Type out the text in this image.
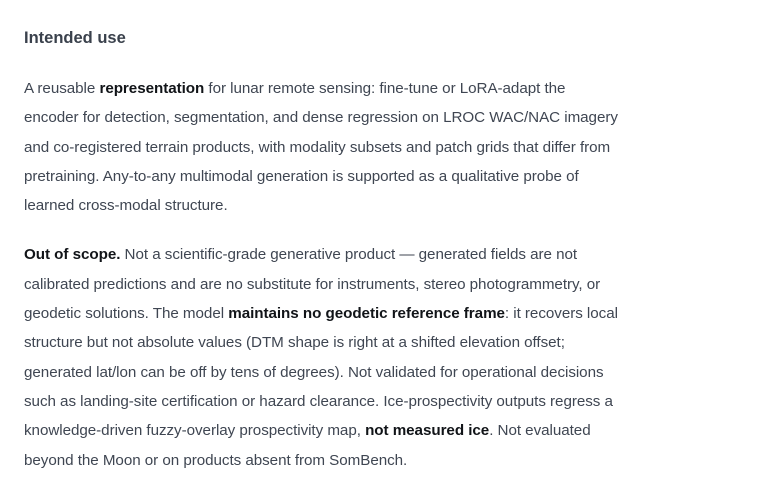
Intended use

A reusable representation for lunar remote sensing: fine-tune or LoRA-adapt the encoder for detection, segmentation, and dense regression on LROC WAC/NAC imagery and co-registered terrain products, with modality subsets and patch grids that differ from pretraining. Any-to-any multimodal generation is supported as a qualitative probe of learned cross-modal structure.

Out of scope. Not a scientific-grade generative product — generated fields are not calibrated predictions and are no substitute for instruments, stereo photogrammetry, or geodetic solutions. The model maintains no geodetic reference frame: it recovers local structure but not absolute values (DTM shape is right at a shifted elevation offset; generated lat/lon can be off by tens of degrees). Not validated for operational decisions such as landing-site certification or hazard clearance. Ice-prospectivity outputs regress a knowledge-driven fuzzy-overlay prospectivity map, not measured ice. Not evaluated beyond the Moon or on products absent from SomBench.
